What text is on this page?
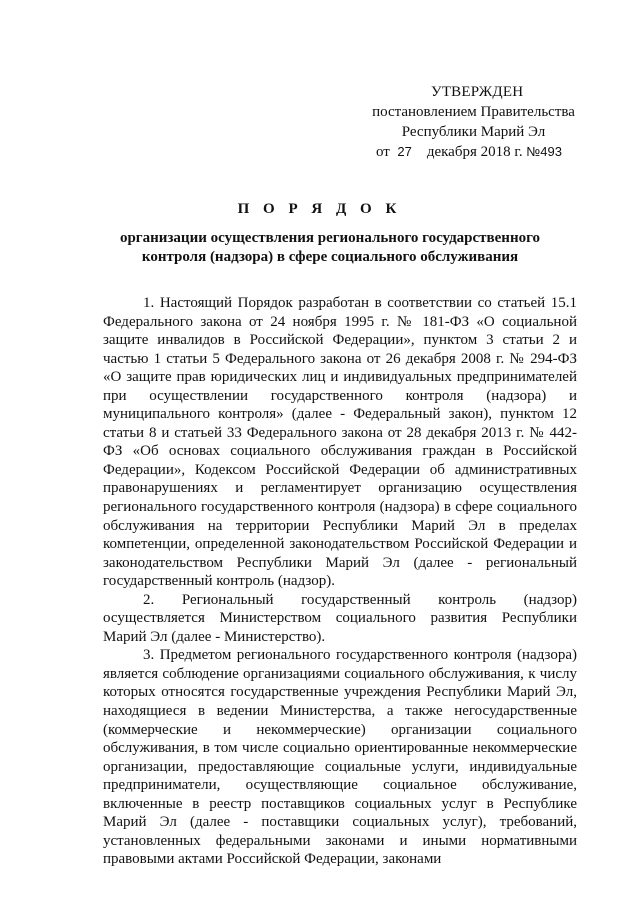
УТВЕРЖДЕН
постановлением Правительства
Республики Марий Эл
от 27 декабря 2018 г. №493
П О Р Я Д О К
организации осуществления регионального государственного контроля (надзора) в сфере социального обслуживания

1. Настоящий Порядок разработан в соответствии со статьей 15.1 Федерального закона от 24 ноября 1995 г. № 181-ФЗ «О социальной защите инвалидов в Российской Федерации», пунктом 3 статьи 2 и частью 1 статьи 5 Федерального закона от 26 декабря 2008 г. № 294-ФЗ «О защите прав юридических лиц и индивидуальных предпринимателей при осуществлении государственного контроля (надзора) и муниципального контроля» (далее - Федеральный закон), пунктом 12 статьи 8 и статьей 33 Федерального закона от 28 декабря 2013 г. № 442-ФЗ «Об основах социального обслуживания граждан в Российской Федерации», Кодексом Российской Федерации об административных правонарушениях и регламентирует организацию осуществления регионального государственного контроля (надзора) в сфере социального обслуживания на территории Республики Марий Эл в пределах компетенции, определенной законодательством Российской Федерации и законодательством Республики Марий Эл (далее - региональный государственный контроль (надзор).

2. Региональный государственный контроль (надзор) осуществляется Министерством социального развития Республики Марий Эл (далее - Министерство).

3. Предметом регионального государственного контроля (надзора) является соблюдение организациями социального обслуживания, к числу которых относятся государственные учреждения Республики Марий Эл, находящиеся в ведении Министерства, а также негосударственные (коммерческие и некоммерческие) организации социального обслуживания, в том числе социально ориентированные некоммерческие организации, предоставляющие социальные услуги, индивидуальные предприниматели, осуществляющие социальное обслуживание, включенные в реестр поставщиков социальных услуг в Республике Марий Эл (далее - поставщики социальных услуг), требований, установленных федеральными законами и иными нормативными правовыми актами Российской Федерации, законами
